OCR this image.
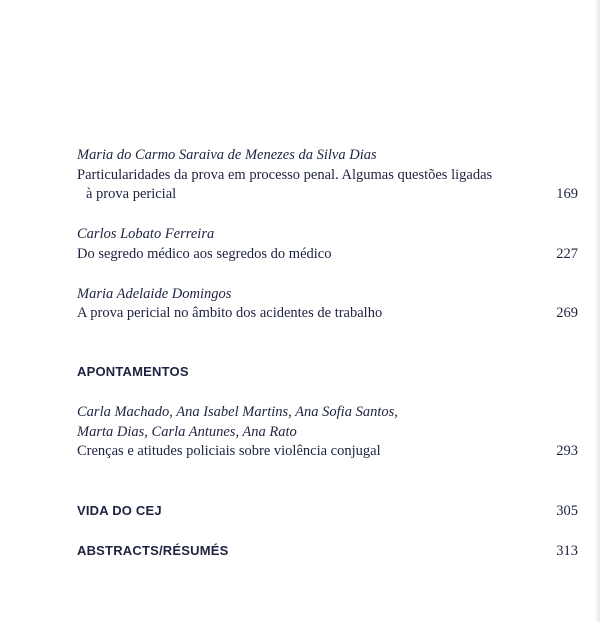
Maria do Carmo Saraiva de Menezes da Silva Dias
Particularidades da prova em processo penal. Algumas questões ligadas
à prova pericial	169
Carlos Lobato Ferreira
Do segredo médico aos segredos do médico	227
Maria Adelaide Domingos
A prova pericial no âmbito dos acidentes de trabalho	269
APONTAMENTOS
Carla Machado, Ana Isabel Martins, Ana Sofia Santos,
Marta Dias, Carla Antunes, Ana Rato
Crenças e atitudes policiais sobre violência conjugal	293
VIDA DO CEJ	305
ABSTRACTS/RÉSUMÉS	313
